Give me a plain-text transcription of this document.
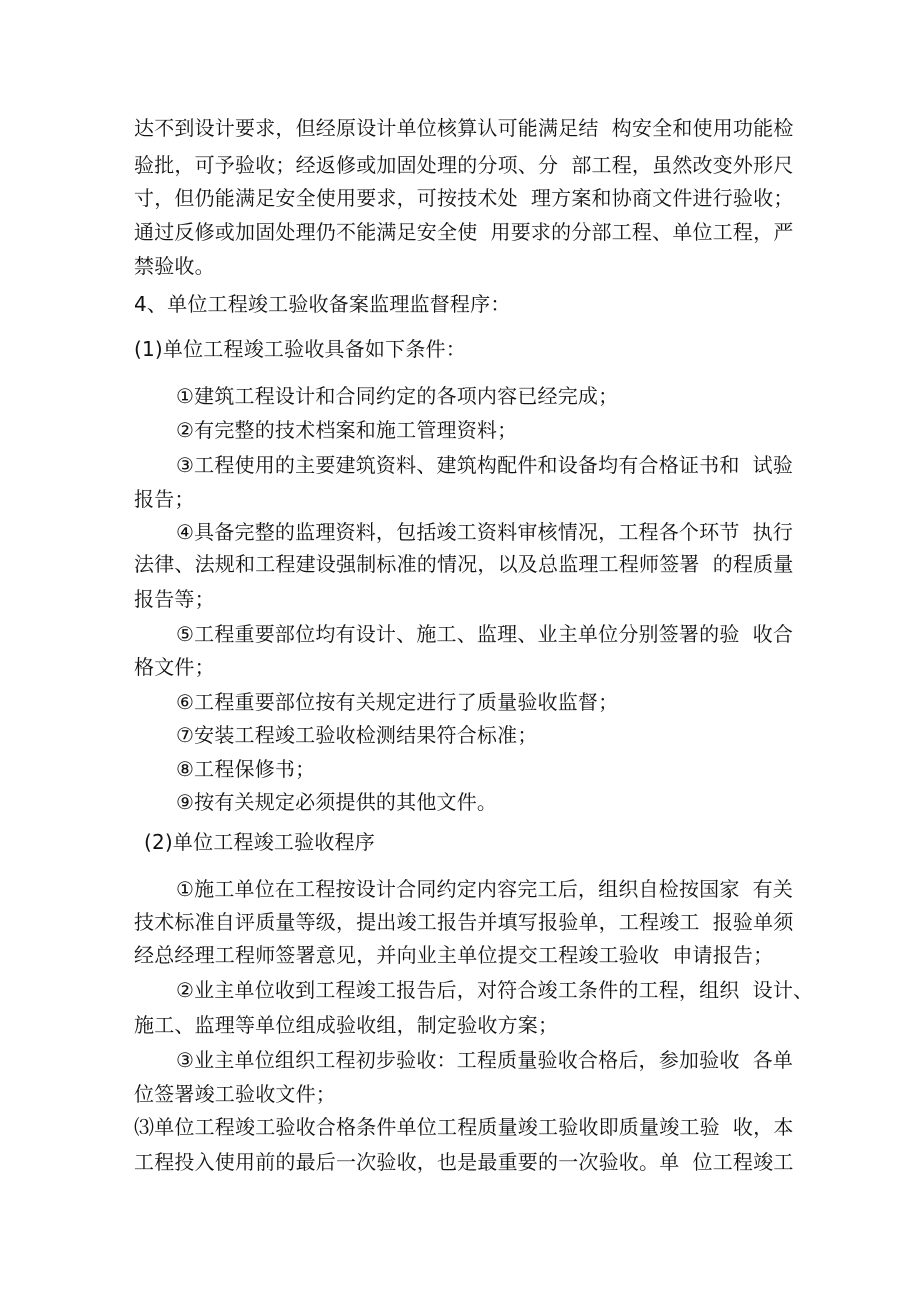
达不到设计要求，但经原设计单位核算认可能满足结  构安全和使用功能检
验批，可予验收；经返修或加固处理的分项、分  部工程，虽然改变外形尺
寸，但仍能满足安全使用要求，可按技术处  理方案和协商文件进行验收；
通过反修或加固处理仍不能满足安全使  用要求的分部工程、单位工程，严
禁验收。
4、单位工程竣工验收备案监理监督程序：
(1)单位工程竣工验收具备如下条件：
①建筑工程设计和合同约定的各项内容已经完成；
②有完整的技术档案和施工管理资料；
③工程使用的主要建筑资料、建筑构配件和设备均有合格证书和  试验
报告；
④具备完整的监理资料，包括竣工资料审核情况，工程各个环节  执行
法律、法规和工程建设强制标准的情况，以及总监理工程师签署  的程质量
报告等；
⑤工程重要部位均有设计、施工、监理、业主单位分别签署的验  收合
格文件；
⑥工程重要部位按有关规定进行了质量验收监督；
⑦安装工程竣工验收检测结果符合标准；
⑧工程保修书；
⑨按有关规定必须提供的其他文件。
(2)单位工程竣工验收程序
①施工单位在工程按设计合同约定内容完工后，组织自检按国家  有关
技术标准自评质量等级，提出竣工报告并填写报验单，工程竣工  报验单须
经总经理工程师签署意见，并向业主单位提交工程竣工验收  申请报告；
②业主单位收到工程竣工报告后，对符合竣工条件的工程，组织  设计、
施工、监理等单位组成验收组，制定验收方案；
③业主单位组织工程初步验收：工程质量验收合格后，参加验收  各单
位签署竣工验收文件；
⑶单位工程竣工验收合格条件单位工程质量竣工验收即质量竣工验  收，本
工程投入使用前的最后一次验收，也是最重要的一次验收。单  位工程竣工
